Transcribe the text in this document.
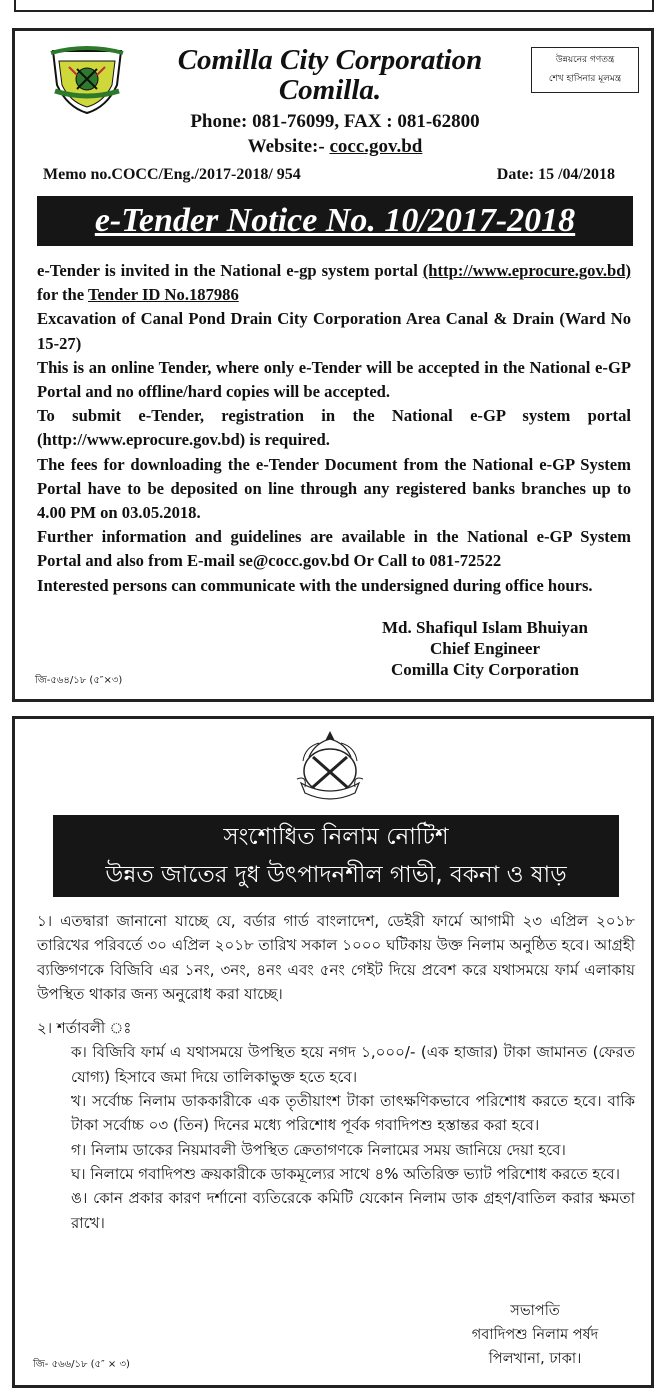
Comilla City Corporation
Comilla.
উন্নয়নের গণতন্ত্র
শেখ হাসিনার মূলমন্ত্র
Phone: 081-76099, FAX : 081-62800
Website:- cocc.gov.bd
Memo no.COCC/Eng./2017-2018/ 954	Date: 15 /04/2018
e-Tender Notice No. 10/2017-2018

e-Tender is invited in the National e-gp system portal (http://www.eprocure.gov.bd) for the Tender ID No.187986

Excavation of Canal Pond Drain City Corporation Area Canal & Drain (Ward No 15-27)

This is an online Tender, where only e-Tender will be accepted in the National e-GP Portal and no offline/hard copies will be accepted.

To submit e-Tender, registration in the National e-GP system portal (http://www.eprocure.gov.bd) is required.

The fees for downloading the e-Tender Document from the National e-GP System Portal have to be deposited on line through any registered banks branches up to 4.00 PM on 03.05.2018.

Further information and guidelines are available in the National e-GP System Portal and also from E-mail se@cocc.gov.bd Or Call to 081-72522

Interested persons can communicate with the undersigned during office hours.

Md. Shafiqul Islam Bhuiyan
Chief Engineer
Comilla City Corporation
জি-৫৬৪/১৮ (৫″×৩)
সংশোধিত নিলাম নোটিশ
উন্নত জাতের দুধ উৎপাদনশীল গাভী, বকনা ও ষাড়

১। এতদ্বারা জানানো যাচ্ছে যে, বর্ডার গার্ড বাংলাদেশ, ডেইরী ফার্মে আগামী ২৩ এপ্রিল ২০১৮ তারিখের পরিবর্তে ৩০ এপ্রিল ২০১৮ তারিখ সকাল ১০০০ ঘটিকায় উক্ত নিলাম অনুষ্ঠিত হবে। আগ্রহী ব্যক্তিগণকে বিজিবি এর ১নং, ৩নং, ৪নং এবং ৫নং গেইট দিয়ে প্রবেশ করে যথাসময়ে ফার্ম এলাকায় উপস্থিত থাকার জন্য অনুরোধ করা যাচ্ছে।

২। শর্তাবলী ঃ

ক। বিজিবি ফার্ম এ যথাসময়ে উপস্থিত হয়ে নগদ ১,০০০/- (এক হাজার) টাকা জামানত (ফেরত যোগ্য) হিসাবে জমা দিয়ে তালিকাভুক্ত হতে হবে।

খ। সর্বোচ্চ নিলাম ডাককারীকে এক তৃতীয়াংশ টাকা তাৎক্ষণিকভাবে পরিশোধ করতে হবে। বাকি টাকা সর্বোচ্চ ০৩ (তিন) দিনের মধ্যে পরিশোধ পূর্বক গবাদিপশু হস্তান্তর করা হবে।

গ। নিলাম ডাকের নিয়মাবলী উপস্থিত ক্রেতাগণকে নিলামের সময় জানিয়ে দেয়া হবে।

ঘ। নিলামে গবাদিপশু ক্রয়কারীকে ডাকমূল্যের সাথে ৪% অতিরিক্ত ভ্যাট পরিশোধ করতে হবে।

ঙ। কোন প্রকার কারণ দর্শানো ব্যতিরেকে কমিটি যেকোন নিলাম ডাক গ্রহণ/বাতিল করার ক্ষমতা রাখে।

সভাপতি
গবাদিপশু নিলাম পর্ষদ
পিলখানা, ঢাকা।
জি- ৫৬৬/১৮ (৫″ × ৩)
